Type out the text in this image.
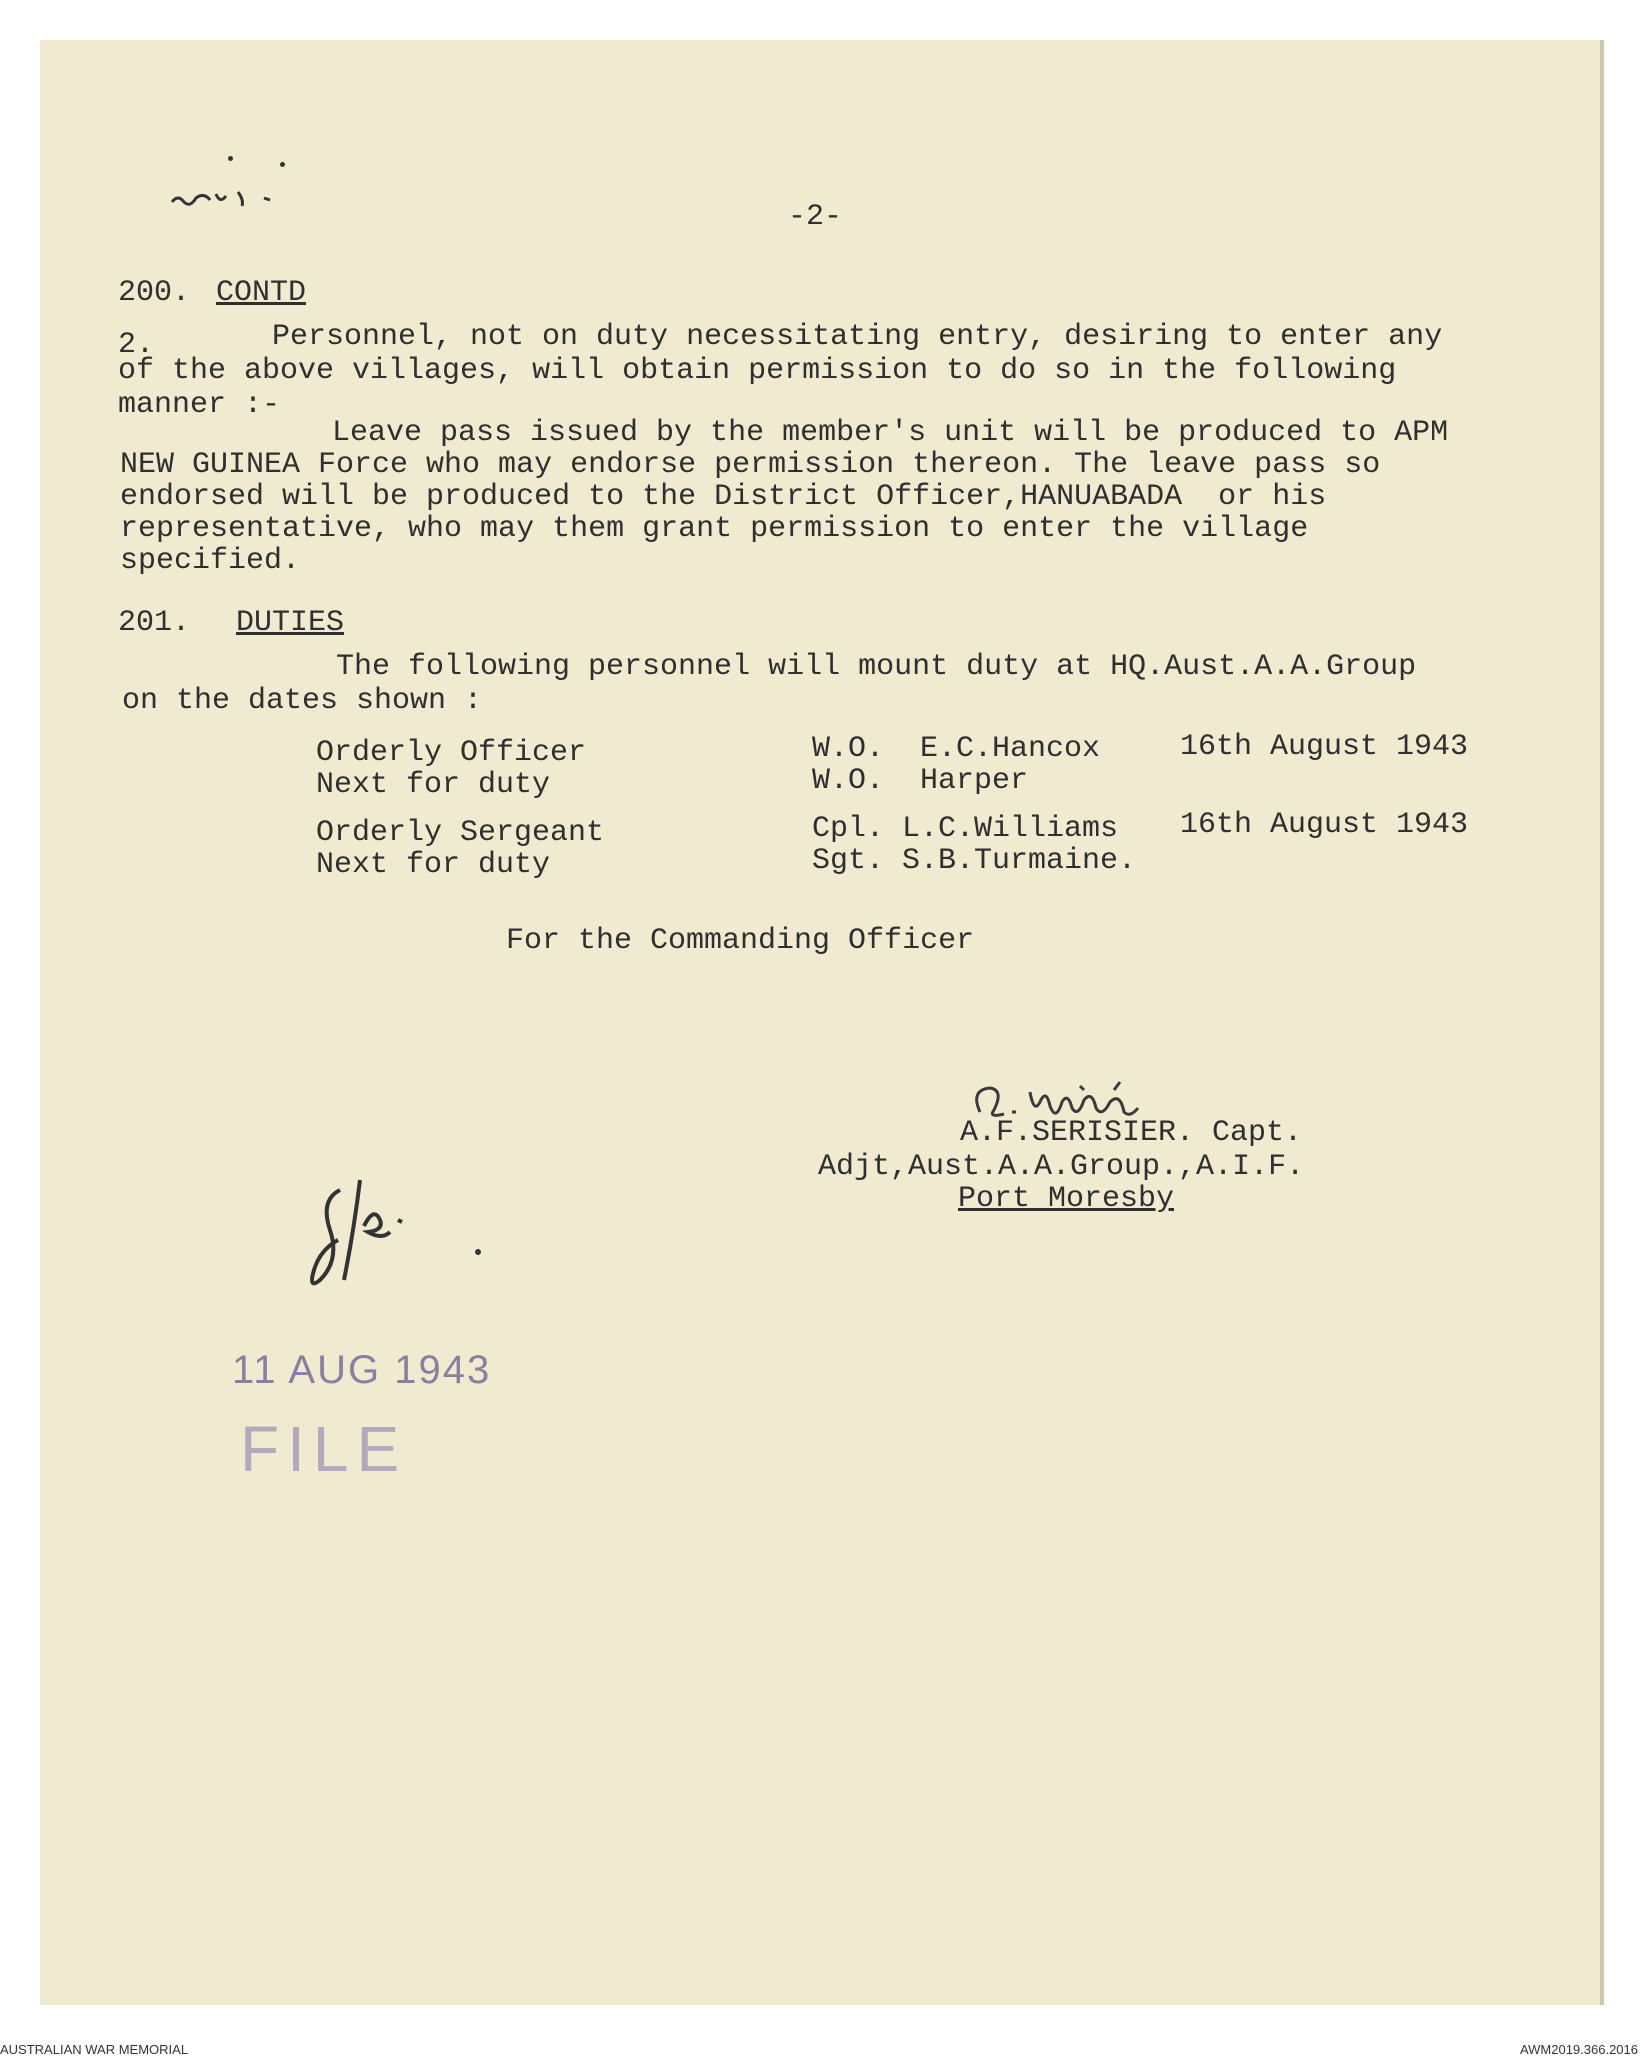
-2-
200. CONTD
2.	Personnel, not on duty necessitating entry, desiring to enter any
of the above villages, will obtain permission to do so in the following
manner :-
Leave pass issued by the member's unit will be produced to APM
NEW GUINEA Force who may endorse permission thereon. The leave pass so
endorsed will be produced to the District Officer,HANUABADA  or his
representative, who may them grant permission to enter the village
specified.
201. DUTIES
The following personnel will mount duty at HQ.Aust.A.A.Group
on the dates shown :
Orderly Officer	W.O.  E.C.Hancox	16th August 1943
Next for duty	W.O.  Harper
Orderly Sergeant	Cpl. L.C.Williams 16th August 1943
Next for duty	Sgt. S.B.Turmaine.
For the Commanding Officer
A.F.SERISIER. Capt.
Adjt,Aust.A.A.Group.,A.I.F.
Port Moresby
11 AUG 1943
FILE
AUSTRALIAN WAR MEMORIAL	AWM2019.366.2016
